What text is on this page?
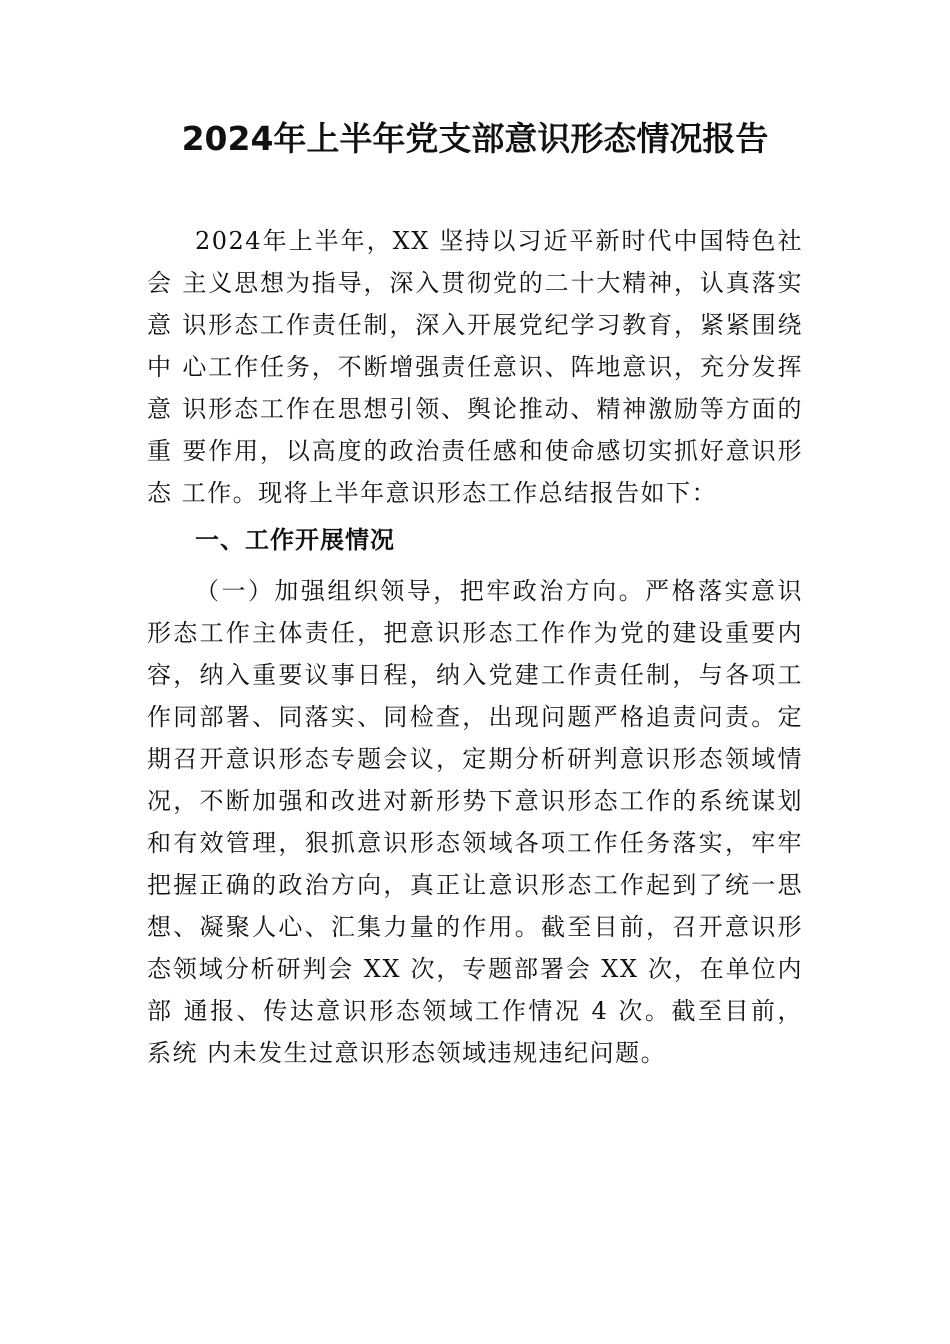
2024年上半年党支部意识形态情况报告

2024年上半年，XX 坚持以习近平新时代中国特色社会 主义思想为指导，深入贯彻党的二十大精神，认真落实意 识形态工作责任制，深入开展党纪学习教育，紧紧围绕中 心工作任务，不断增强责任意识、阵地意识，充分发挥意 识形态工作在思想引领、舆论推动、精神激励等方面的重 要作用，以高度的政治责任感和使命感切实抓好意识形态 工作。现将上半年意识形态工作总结报告如下：

一、工作开展情况

（一）加强组织领导，把牢政治方向。严格落实意识形态工作主体责任，把意识形态工作作为党的建设重要内容，纳入重要议事日程，纳入党建工作责任制，与各项工作同部署、同落实、同检查，出现问题严格追责问责。定期召开意识形态专题会议，定期分析研判意识形态领域情况，不断加强和改进对新形势下意识形态工作的系统谋划和有效管理，狠抓意识形态领域各项工作任务落实，牢牢把握正确的政治方向，真正让意识形态工作起到了统一思想、凝聚人心、汇集力量的作用。截至目前，召开意识形态领域分析研判会 XX 次，专题部署会 XX 次，在单位内部 通报、传达意识形态领域工作情况 4 次。截至目前，系统 内未发生过意识形态领域违规违纪问题。
